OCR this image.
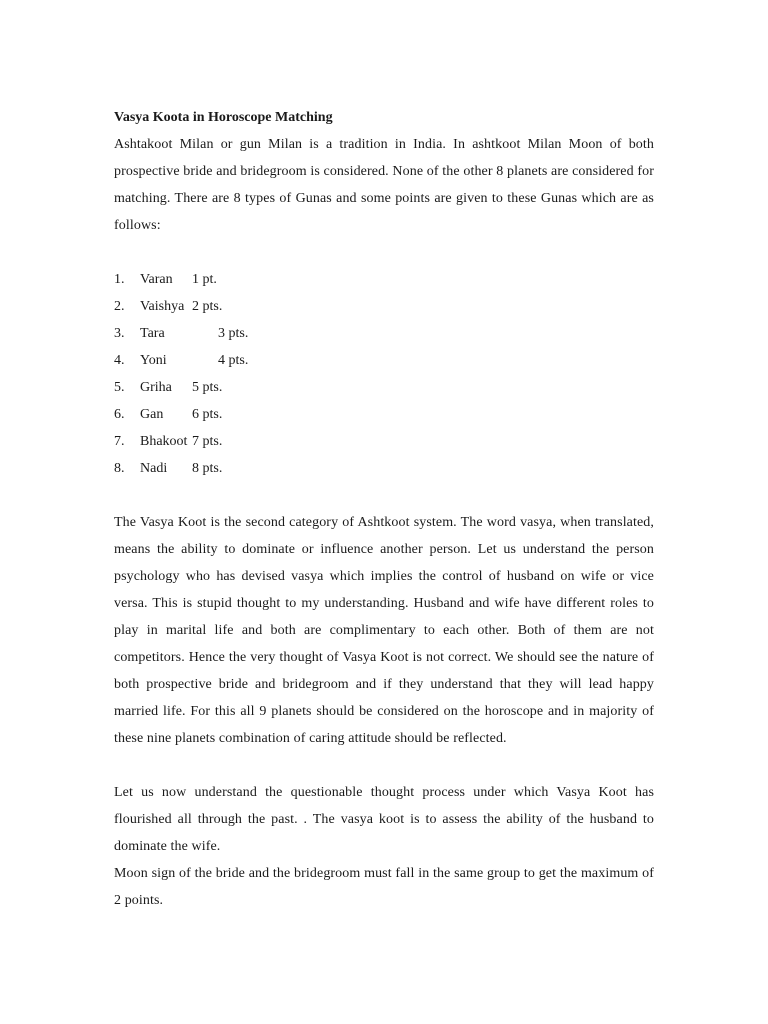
Vasya Koota in Horoscope Matching

Ashtakoot Milan or gun Milan is a tradition in India. In ashtkoot Milan Moon of both prospective bride and bridegroom is considered. None of the other 8 planets are considered for matching. There are 8 types of Gunas and some points are given to these Gunas which are as follows:

1.	Varan 1 pt.
2.	Vaishya 2 pts.
3.	Tara	3 pts.
4.	Yoni	4 pts.
5.	Griha 5 pts.
6.	Gan 6 pts.
7.	Bhakoot 7 pts.
8.	Nadi 8 pts.

The Vasya Koot is the second category of Ashtkoot system. The word vasya, when translated, means the ability to dominate or influence another person. Let us understand the person psychology who has devised vasya which implies the control of husband on wife or vice versa. This is stupid thought to my understanding. Husband and wife have different roles to play in marital life and both are complimentary to each other. Both of them are not competitors. Hence the very thought of Vasya Koot is not correct. We should see the nature of both prospective bride and bridegroom and if they understand that they will lead happy married life. For this all 9 planets should be considered on the horoscope and in majority of these nine planets combination of caring attitude should be reflected.

Let us now understand the questionable thought process under which Vasya Koot has flourished all through the past. . The vasya koot is to assess the ability of the husband to dominate the wife.

Moon sign of the bride and the bridegroom must fall in the same group to get the maximum of 2 points.
